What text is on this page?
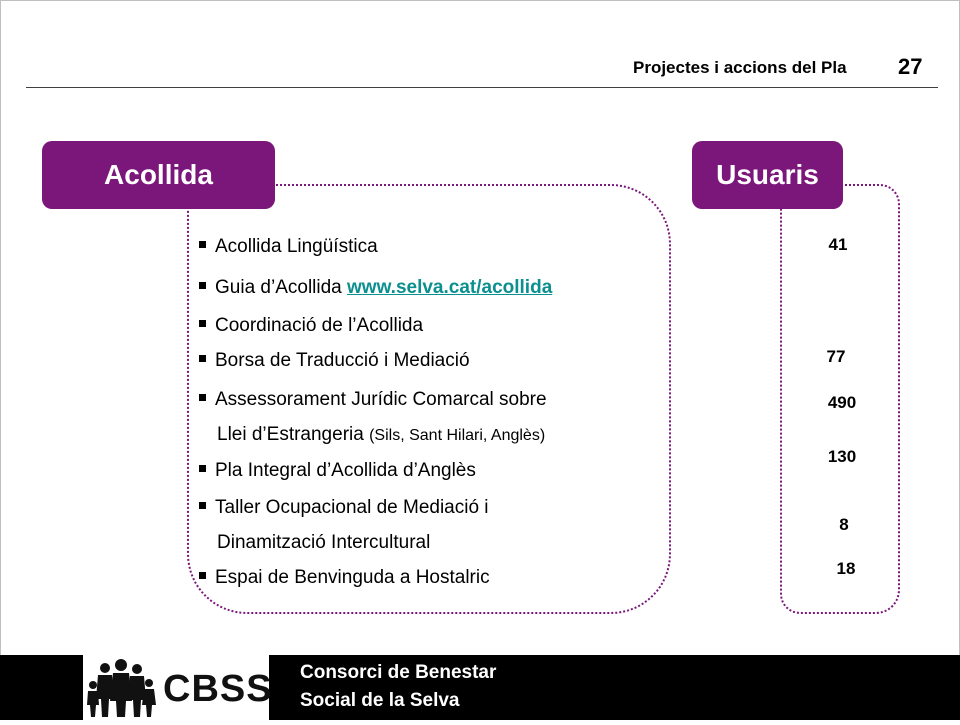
Projectes i accions del Pla 27
Acollida	Usuaris
Acollida Lingüística
Guia d’Acollida www.selva.cat/acollida
Coordinació de l’Acollida
Borsa de Traducció i Mediació
Assessorament Jurídic Comarcal sobre
Llei d’Estrangeria (Sils, Sant Hilari, Anglès)
Pla Integral d’Acollida d’Anglès
Taller Ocupacional de Mediació i
Dinamització Intercultural
Espai de Benvinguda a Hostalric
41
77
490
130
8
18
CBSS Consorci de Benestar
Social de la Selva
